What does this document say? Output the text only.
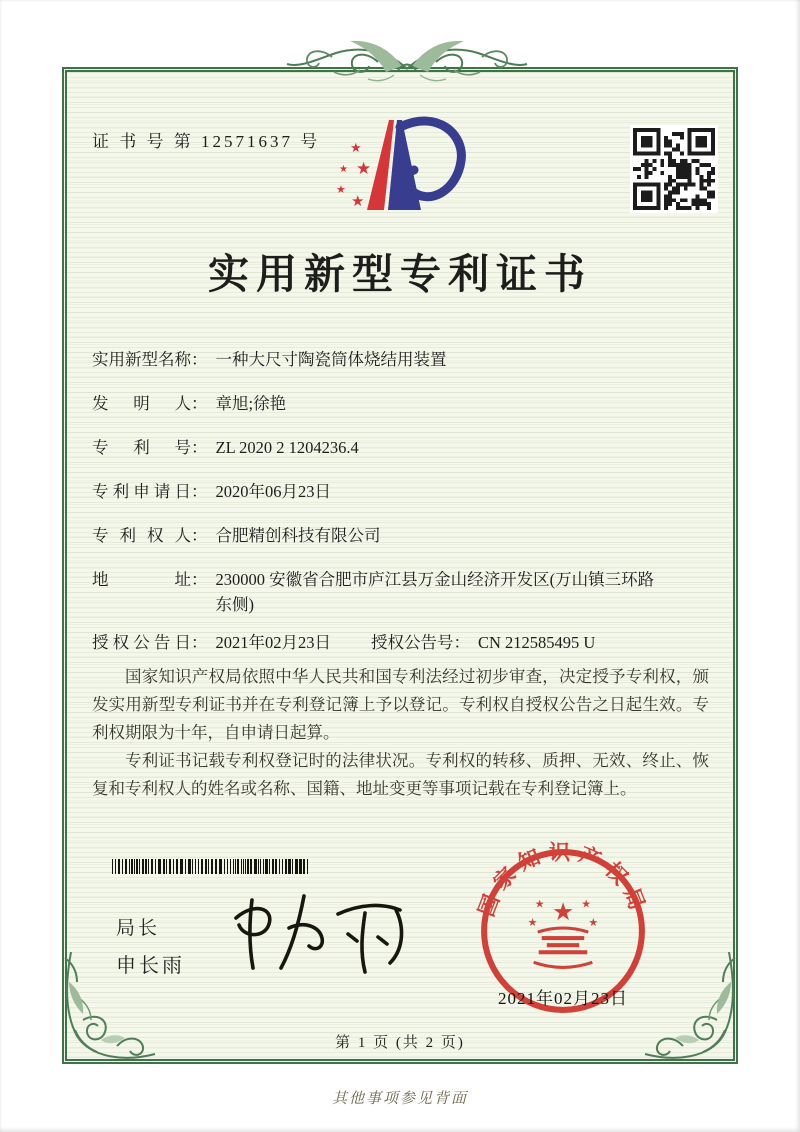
证 书 号 第 12571637 号 ★
★ ★
★
★
实用新型专利证书
实用新型名称 ： 一种大尺寸陶瓷筒体烧结用装置
发明人 ： 章旭;徐艳
专利号 ： ZL 2020 2 1204236.4
专利申请日 ： 2020年06月23日
专利权人 ： 合肥精创科技有限公司
地址 ： 230000 安徽省合肥市庐江县万金山经济开发区(万山镇三环路东侧)
授权公告日 ： 2021年02月23日 授权公告号 ： CN 212585495 U

国家知识产权局依照中华人民共和国专利法经过初步审查，决定授予专利权，颁发实用新型专利证书并在专利登记簿上予以登记。专利权自授权公告之日起生效。专利权期限为十年，自申请日起算。

专利证书记载专利权登记时的法律状况。专利权的转移、质押、无效、终止、恢复和专利权人的姓名或名称、国籍、地址变更等事项记载在专利登记簿上。

局长
申长雨
国家知识产权局
★
★	★
★	★
2021年02月23日
第 1 页 (共 2 页)
其他事项参见背面
